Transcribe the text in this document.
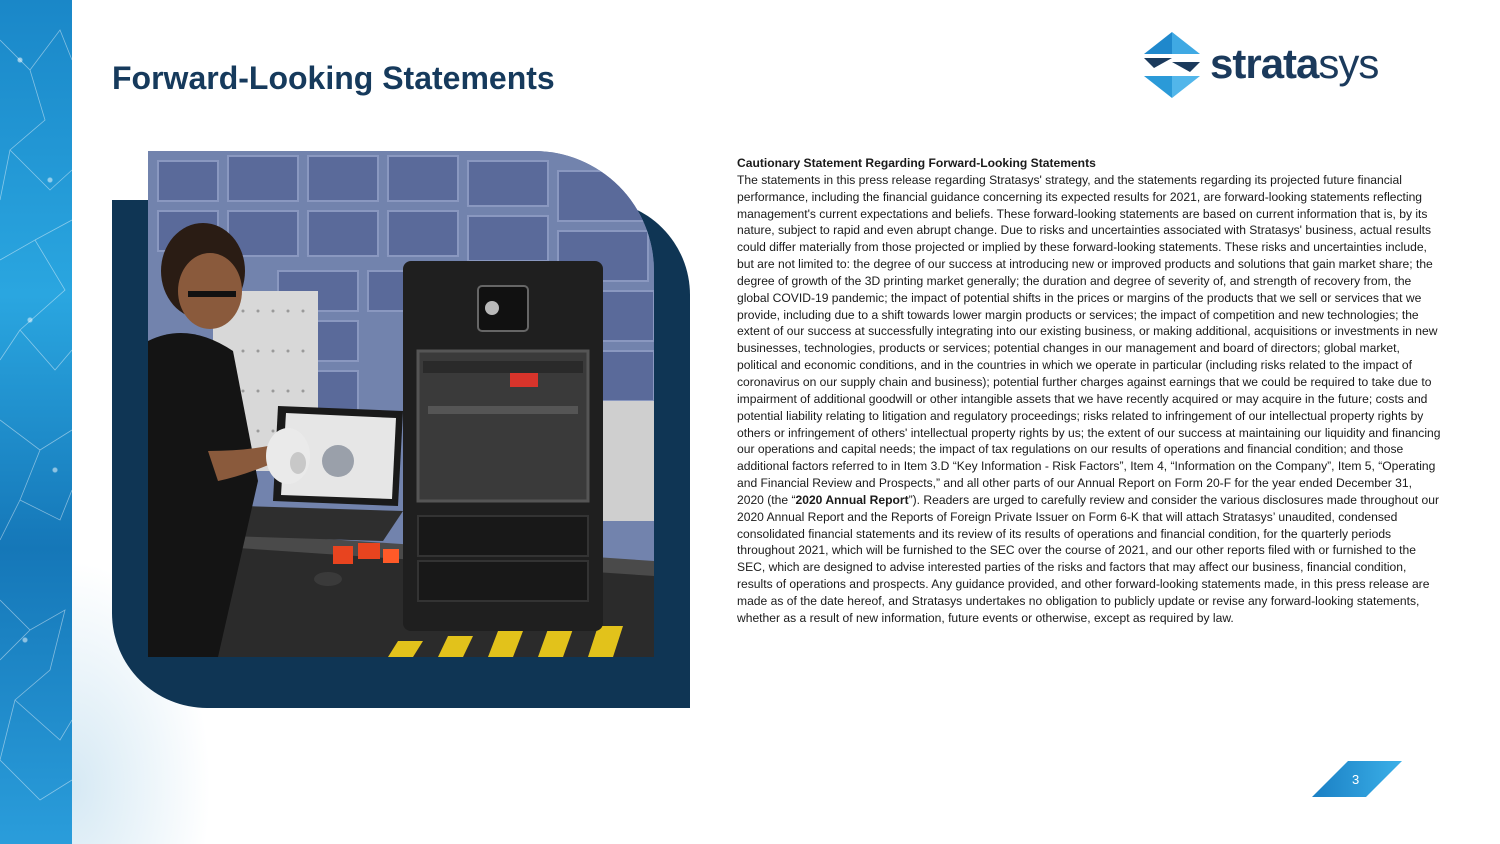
Forward-Looking Statements	stratasys
Cautionary Statement Regarding Forward-Looking Statements
The statements in this press release regarding Stratasys' strategy, and the statements regarding its projected future financial performance, including the financial guidance concerning its expected results for 2021, are forward-looking statements reflecting management's current expectations and beliefs. These forward-looking statements are based on current information that is, by its nature, subject to rapid and even abrupt change. Due to risks and uncertainties associated with Stratasys' business, actual results could differ materially from those projected or implied by these forward-looking statements. These risks and uncertainties include, but are not limited to: the degree of our success at introducing new or improved products and solutions that gain market share; the degree of growth of the 3D printing market generally; the duration and degree of severity of, and strength of recovery from, the global COVID-19 pandemic; the impact of potential shifts in the prices or margins of the products that we sell or services that we provide, including due to a shift towards lower margin products or services; the impact of competition and new technologies; the extent of our success at successfully integrating into our existing business, or making additional, acquisitions or investments in new businesses, technologies, products or services; potential changes in our management and board of directors; global market, political and economic conditions, and in the countries in which we operate in particular (including risks related to the impact of coronavirus on our supply chain and business); potential further charges against earnings that we could be required to take due to impairment of additional goodwill or other intangible assets that we have recently acquired or may acquire in the future; costs and potential liability relating to litigation and regulatory proceedings; risks related to infringement of our intellectual property rights by others or infringement of others' intellectual property rights by us; the extent of our success at maintaining our liquidity and financing our operations and capital needs; the impact of tax regulations on our results of operations and financial condition; and those additional factors referred to in Item 3.D “Key Information - Risk Factors”, Item 4, “Information on the Company”, Item 5, “Operating and Financial Review and Prospects,” and all other parts of our Annual Report on Form 20-F for the year ended December 31, 2020 (the “2020 Annual Report”). Readers are urged to carefully review and consider the various disclosures made throughout our 2020 Annual Report and the Reports of Foreign Private Issuer on Form 6-K that will attach Stratasys’ unaudited, condensed consolidated financial statements and its review of its results of operations and financial condition, for the quarterly periods throughout 2021, which will be furnished to the SEC over the course of 2021, and our other reports filed with or furnished to the SEC, which are designed to advise interested parties of the risks and factors that may affect our business, financial condition, results of operations and prospects. Any guidance provided, and other forward-looking statements made, in this press release are made as of the date hereof, and Stratasys undertakes no obligation to publicly update or revise any forward-looking statements, whether as a result of new information, future events or otherwise, except as required by law.
3
